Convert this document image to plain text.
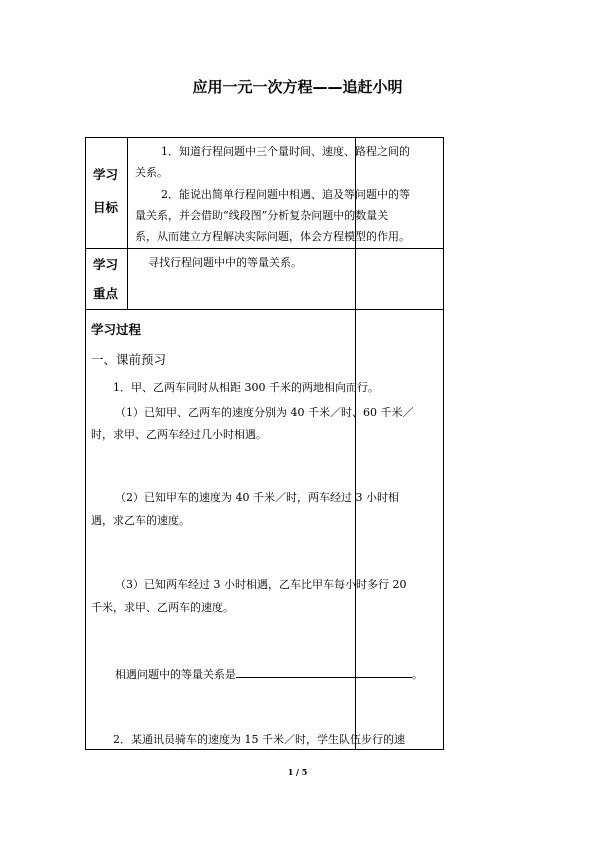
应用一元一次方程——追赶小明
学习
目标
1．知道行程问题中三个量时间、速度、路程之间的
关系。
2．能说出简单行程问题中相遇、追及等问题中的等
量关系，并会借助“线段图”分析复杂问题中的数量关
系，从而建立方程解决实际问题，体会方程模型的作用。
学习
重点
寻找行程问题中中的等量关系。
学习过程
一、课前预习
1．甲、乙两车同时从相距 300 千米的两地相向而行。
（1）已知甲、乙两车的速度分别为 40 千米／时、60 千米／
时，求甲、乙两车经过几小时相遇。
（2）已知甲车的速度为 40 千米／时，两车经过 3 小时相
遇，求乙车的速度。
（3）已知两车经过 3 小时相遇，乙车比甲车每小时多行 20
千米，求甲、乙两车的速度。
相遇问题中的等量关系是	。
2．某通讯员骑车的速度为 15 千米／时，学生队伍步行的速
1 / 5
